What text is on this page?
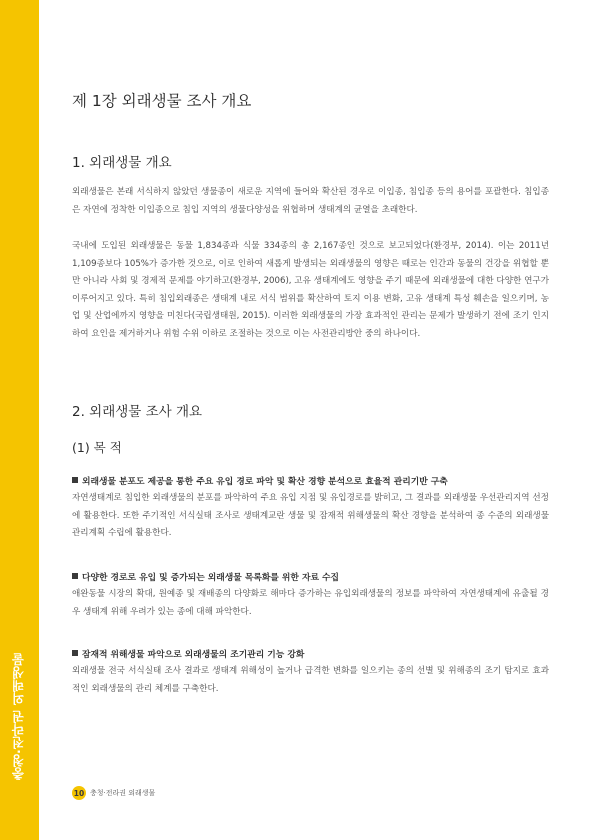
충청·전라권 외래생물
제 1장 외래생물 조사 개요
1. 외래생물 개요

외래생물은 본래 서식하지 않았던 생물종이 새로운 지역에 들어와 확산된 경우로 이입종, 침입종 등의 용어를 포괄한다. 침입종은 자연에 정착한 이입종으로 침입 지역의 생물다양성을 위협하며 생태계의 균열을 초래한다.

국내에 도입된 외래생물은 동물 1,834종과 식물 334종의 총 2,167종인 것으로 보고되었다(환경부, 2014). 이는 2011년 1,109종보다 105%가 증가한 것으로, 이로 인하여 새롭게 발생되는 외래생물의 영향은 때로는 인간과 동물의 건강을 위협할 뿐만 아니라 사회 및 경제적 문제를 야기하고(환경부, 2006), 고유 생태계에도 영향을 주기 때문에 외래생물에 대한 다양한 연구가 이루어지고 있다. 특히 침입외래종은 생태계 내로 서식 범위를 확산하여 토지 이용 변화, 고유 생태계 특성 훼손을 일으키며, 농업 및 산업에까지 영향을 미친다(국립생태원, 2015). 이러한 외래생물의 가장 효과적인 관리는 문제가 발생하기 전에 조기 인지하여 요인을 제거하거나 위험 수위 이하로 조절하는 것으로 이는 사전관리방안 중의 하나이다.

2. 외래생물 조사 개요
(1) 목 적
외래생물 분포도 제공을 통한 주요 유입 경로 파악 및 확산 경향 분석으로 효율적 관리기반 구축

자연생태계로 침입한 외래생물의 분포를 파악하여 주요 유입 지점 및 유입경로를 밝히고, 그 결과를 외래생물 우선관리지역 선정에 활용한다. 또한 주기적인 서식실태 조사로 생태계교란 생물 및 잠재적 위해생물의 확산 경향을 분석하여 종 수준의 외래생물 관리계획 수립에 활용한다.

다양한 경로로 유입 및 증가되는 외래생물 목록화를 위한 자료 수집

애완동물 시장의 확대, 원예종 및 재배종의 다양화로 해마다 증가하는 유입외래생물의 정보를 파악하여 자연생태계에 유출될 경우 생태계 위해 우려가 있는 종에 대해 파악한다.

잠재적 위해생물 파악으로 외래생물의 조기관리 기능 강화

외래생물 전국 서식실태 조사 결과로 생태계 위해성이 높거나 급격한 변화를 일으키는 종의 선별 및 위해종의 조기 탐지로 효과적인 외래생물의 관리 체계를 구축한다.

10 충청·전라권 외래생물
